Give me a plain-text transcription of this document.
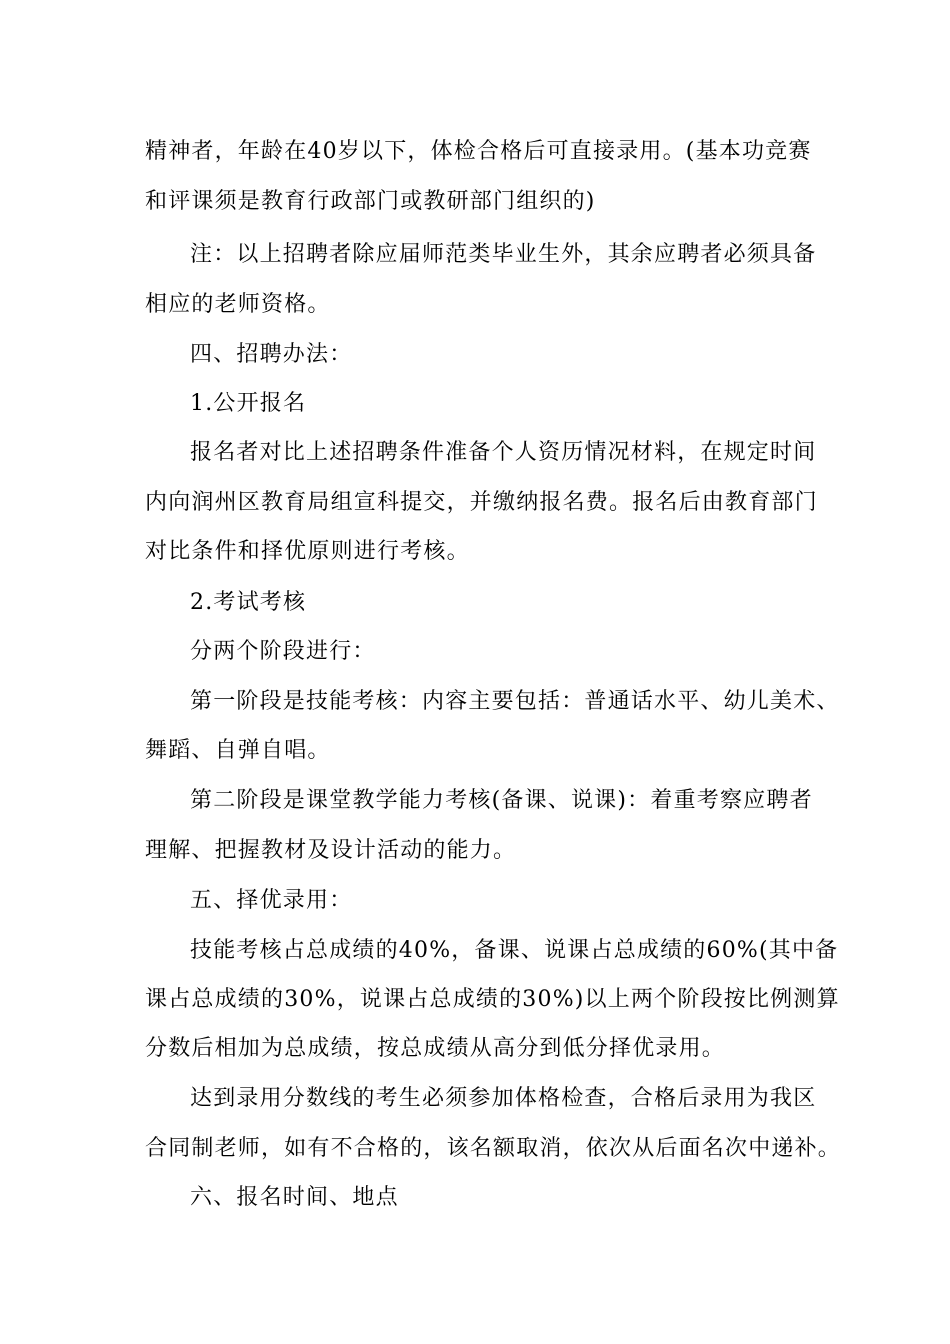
精神者，年龄在40岁以下，体检合格后可直接录用。(基本功竞赛
和评课须是教育行政部门或教研部门组织的)
注：以上招聘者除应届师范类毕业生外，其余应聘者必须具备
相应的老师资格。
四、招聘办法：
1.公开报名
报名者对比上述招聘条件准备个人资历情况材料，在规定时间
内向润州区教育局组宣科提交，并缴纳报名费。报名后由教育部门
对比条件和择优原则进行考核。
2.考试考核
分两个阶段进行：
第一阶段是技能考核：内容主要包括：普通话水平、幼儿美术、
舞蹈、自弹自唱。
第二阶段是课堂教学能力考核(备课、说课)：着重考察应聘者
理解、把握教材及设计活动的能力。
五、择优录用：
技能考核占总成绩的40%，备课、说课占总成绩的60%(其中备
课占总成绩的30%，说课占总成绩的30%)以上两个阶段按比例测算
分数后相加为总成绩，按总成绩从高分到低分择优录用。
达到录用分数线的考生必须参加体格检查，合格后录用为我区
合同制老师，如有不合格的，该名额取消，依次从后面名次中递补。
六、报名时间、地点
